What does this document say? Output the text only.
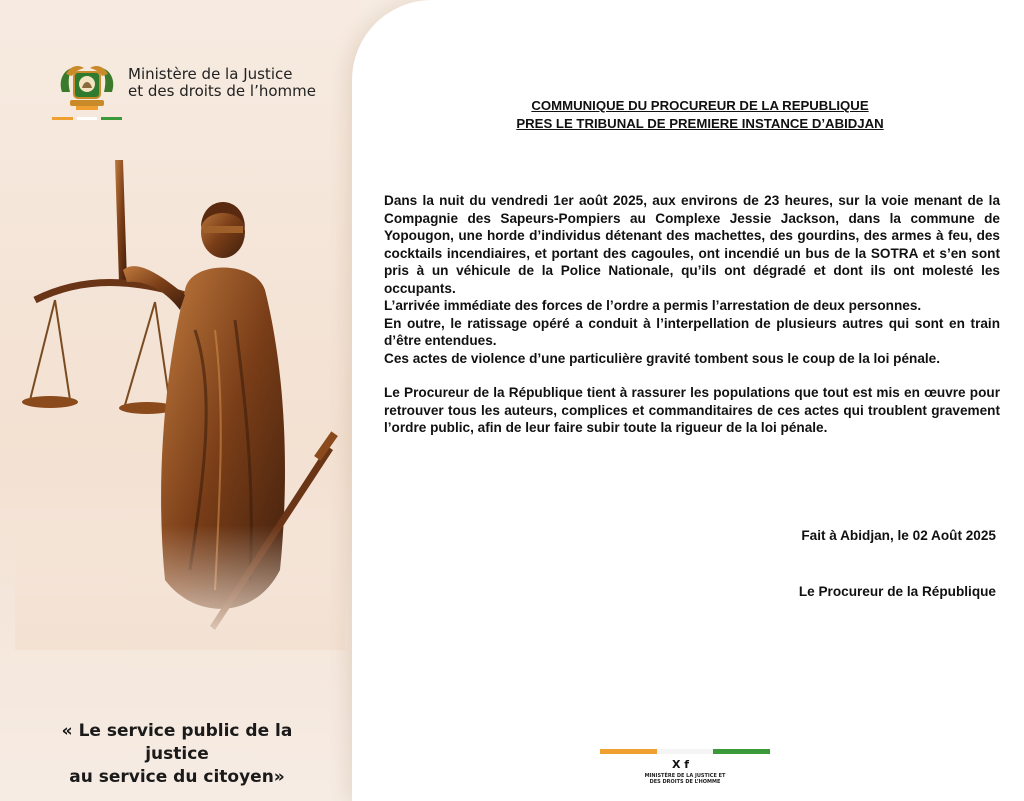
Ministère de la Justice
et des droits de l’homme
« Le service public de la justice
au service du citoyen»
COMMUNIQUE DU PROCUREUR DE LA REPUBLIQUE
PRES LE TRIBUNAL DE PREMIERE INSTANCE D’ABIDJAN

Dans la nuit du vendredi 1er août 2025, aux environs de 23 heures, sur la voie menant de la Compagnie des Sapeurs-Pompiers au Complexe Jessie Jackson, dans la commune de Yopougon, une horde d’individus détenant des machettes, des gourdins, des armes à feu, des cocktails incendiaires, et portant des cagoules, ont incendié un bus de la SOTRA et s’en sont pris à un véhicule de la Police Nationale, qu’ils ont dégradé et dont ils ont molesté les occupants.

L’arrivée immédiate des forces de l’ordre a permis l’arrestation de deux personnes.

En outre, le ratissage opéré a conduit à l’interpellation de plusieurs autres qui sont en train d’être entendues.

Ces actes de violence d’une particulière gravité tombent sous le coup de la loi pénale.

Le Procureur de la République tient à rassurer les populations que tout est mis en œuvre pour retrouver tous les auteurs, complices et commanditaires de ces actes qui troublent gravement l’ordre public, afin de leur faire subir toute la rigueur de la loi pénale.

Fait à Abidjan, le 02 Août 2025
Le Procureur de la République
X f
MINISTÈRE DE LA JUSTICE ET
DES DROITS DE L’HOMME
